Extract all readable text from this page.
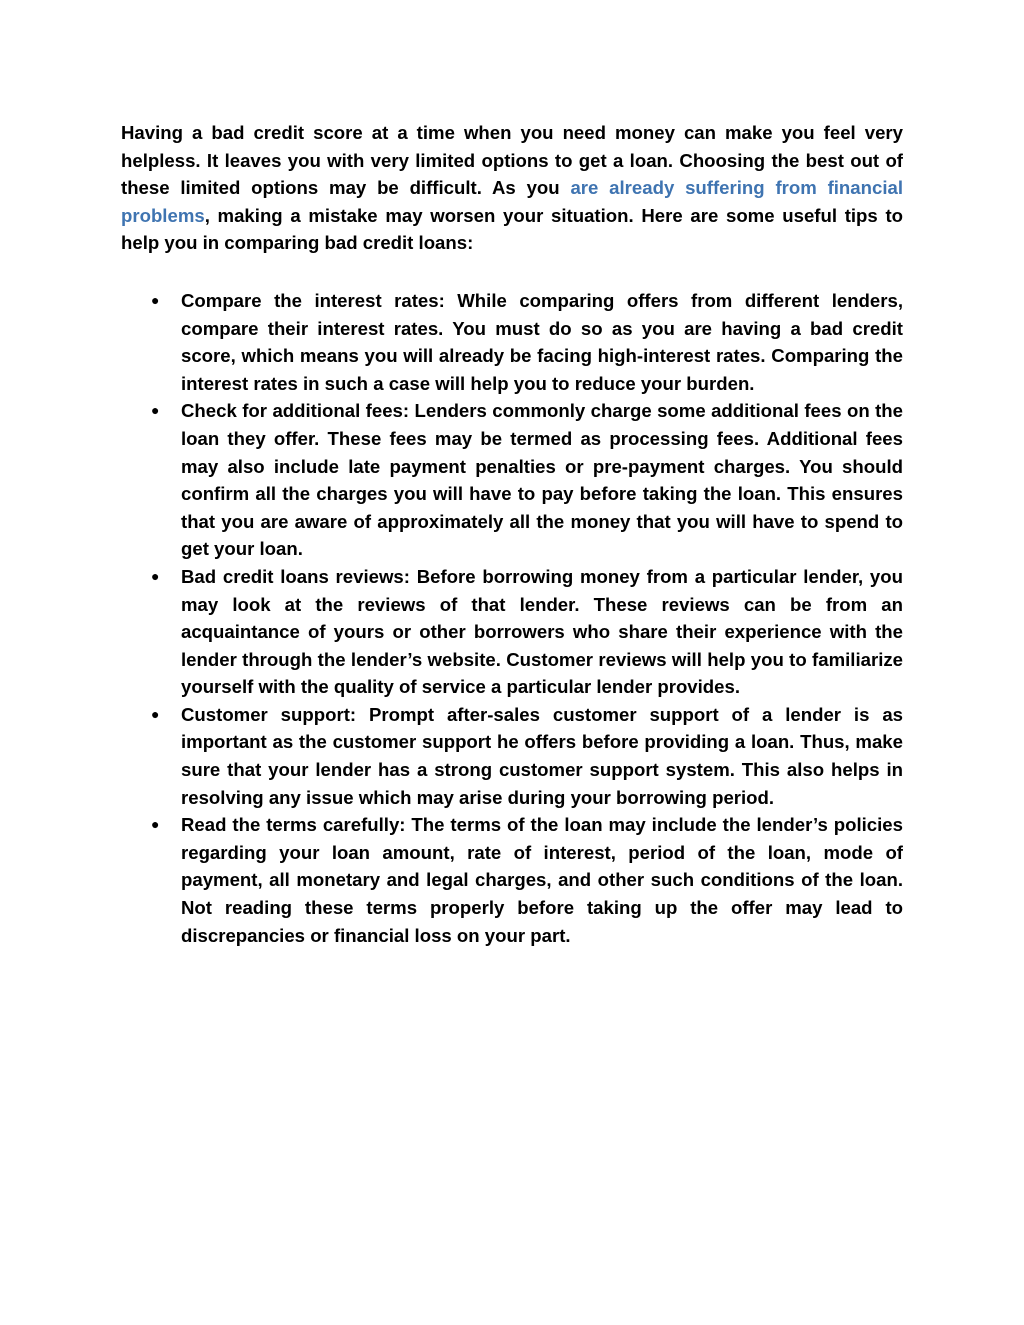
Having a bad credit score at a time when you need money can make you feel very helpless. It leaves you with very limited options to get a loan. Choosing the best out of these limited options may be difficult. As you are already suffering from financial problems, making a mistake may worsen your situation. Here are some useful tips to help you in comparing bad credit loans:

● Compare the interest rates: While comparing offers from different lenders, compare their interest rates. You must do so as you are having a bad credit score, which means you will already be facing high-interest rates. Comparing the interest rates in such a case will help you to reduce your burden.
● Check for additional fees: Lenders commonly charge some additional fees on the loan they offer. These fees may be termed as processing fees. Additional fees may also include late payment penalties or pre-payment charges. You should confirm all the charges you will have to pay before taking the loan. This ensures that you are aware of approximately all the money that you will have to spend to get your loan.
● Bad credit loans reviews: Before borrowing money from a particular lender, you may look at the reviews of that lender. These reviews can be from an acquaintance of yours or other borrowers who share their experience with the lender through the lender’s website. Customer reviews will help you to familiarize yourself with the quality of service a particular lender provides.
● Customer support: Prompt after-sales customer support of a lender is as important as the customer support he offers before providing a loan. Thus, make sure that your lender has a strong customer support system. This also helps in resolving any issue which may arise during your borrowing period.
● Read the terms carefully: The terms of the loan may include the lender’s policies regarding your loan amount, rate of interest, period of the loan, mode of payment, all monetary and legal charges, and other such conditions of the loan. Not reading these terms properly before taking up the offer may lead to discrepancies or financial loss on your part.
